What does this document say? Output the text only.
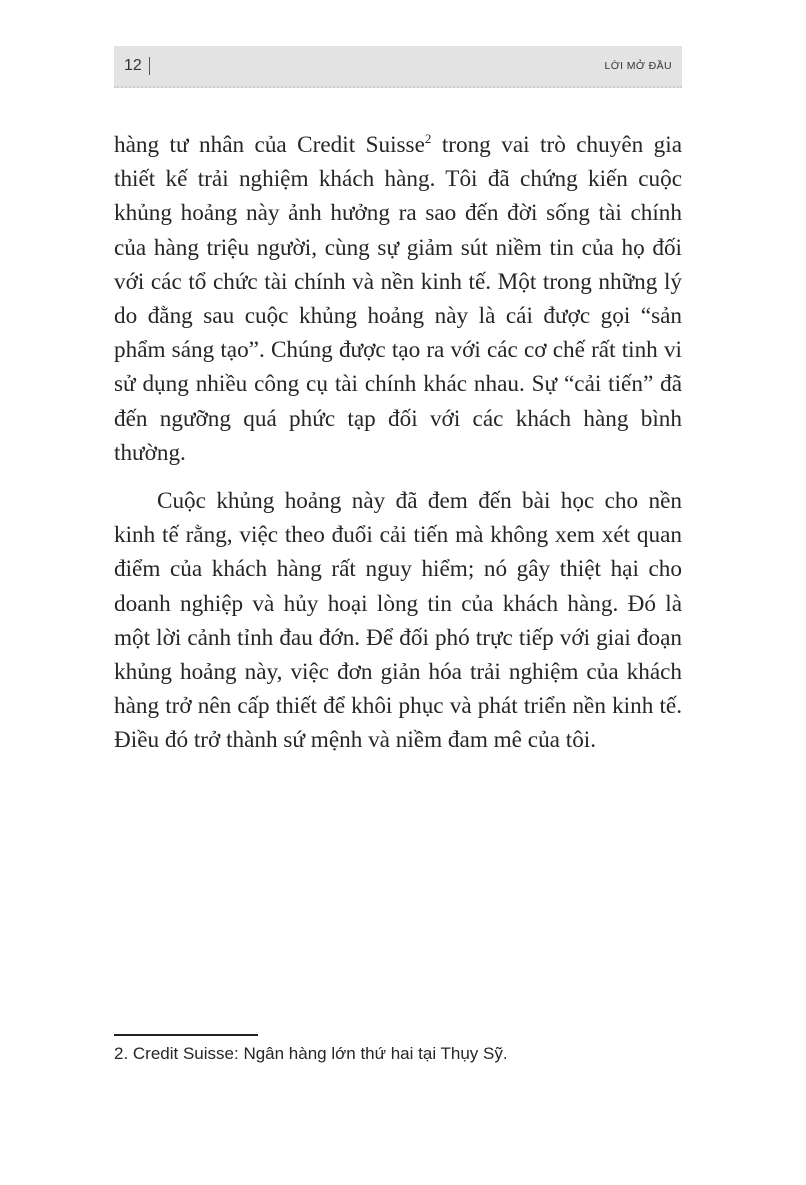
12	LỜI MỞ ĐẦU

hàng tư nhân của Credit Suisse$^2$ trong vai trò chuyên gia thiết kế trải nghiệm khách hàng. Tôi đã chứng kiến cuộc khủng hoảng này ảnh hưởng ra sao đến đời sống tài chính của hàng triệu người, cùng sự giảm sút niềm tin của họ đối với các tổ chức tài chính và nền kinh tế. Một trong những lý do đằng sau cuộc khủng hoảng này là cái được gọi “sản phẩm sáng tạo”. Chúng được tạo ra với các cơ chế rất tinh vi sử dụng nhiều công cụ tài chính khác nhau. Sự “cải tiến” đã đến ngưỡng quá phức tạp đối với các khách hàng bình thường.

Cuộc khủng hoảng này đã đem đến bài học cho nền kinh tế rằng, việc theo đuổi cải tiến mà không xem xét quan điểm của khách hàng rất nguy hiểm; nó gây thiệt hại cho doanh nghiệp và hủy hoại lòng tin của khách hàng. Đó là một lời cảnh tỉnh đau đớn. Để đối phó trực tiếp với giai đoạn khủng hoảng này, việc đơn giản hóa trải nghiệm của khách hàng trở nên cấp thiết để khôi phục và phát triển nền kinh tế. Điều đó trở thành sứ mệnh và niềm đam mê của tôi.

2. Credit Suisse: Ngân hàng lớn thứ hai tại Thụy Sỹ.
